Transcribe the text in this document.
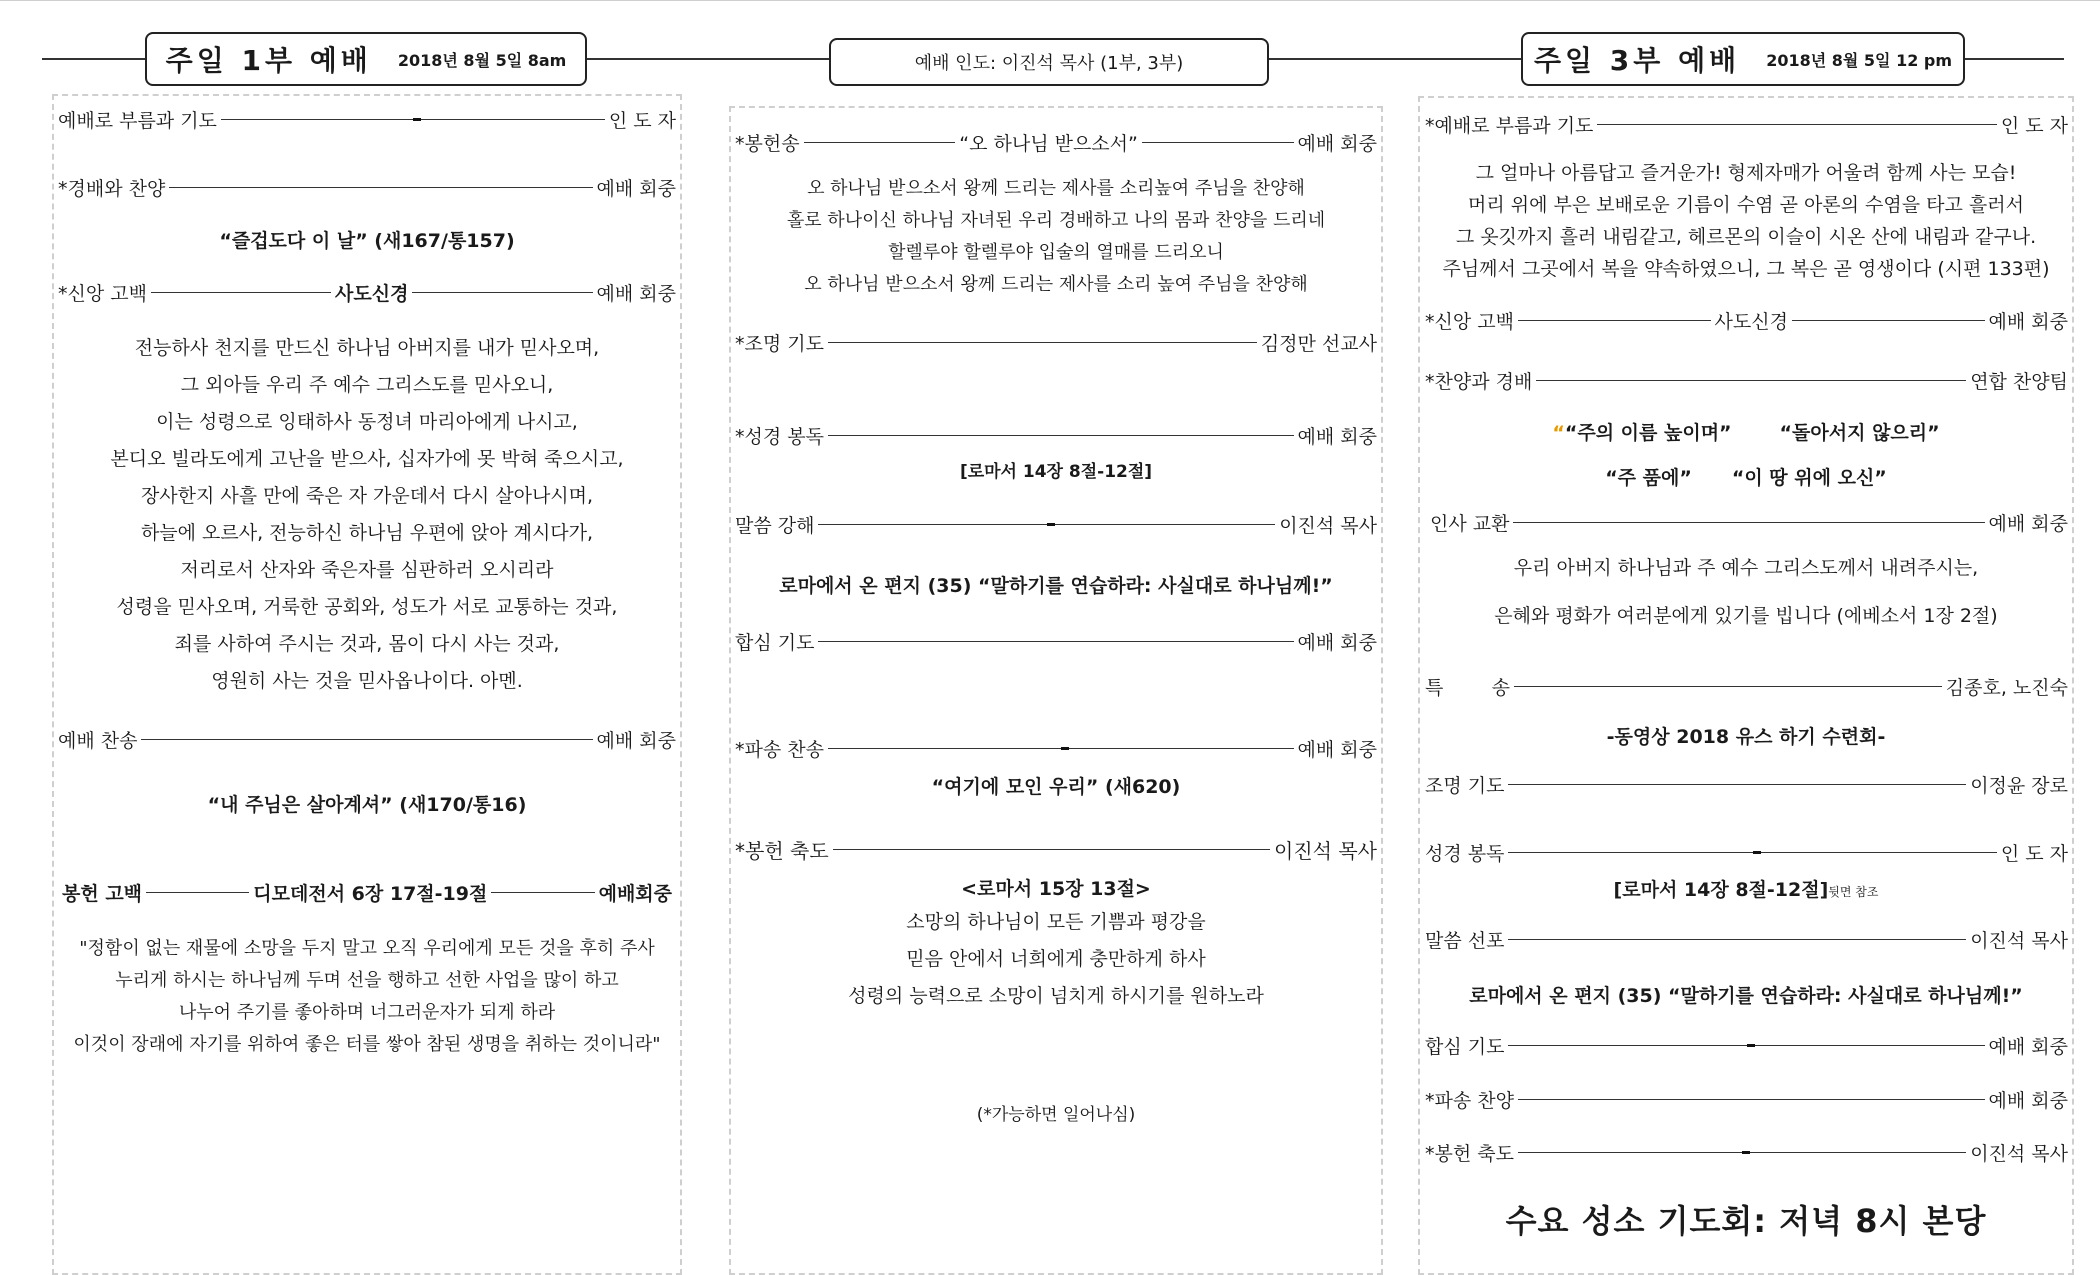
주일 1부 예배 2018년 8월 5일 8am	예배 인도: 이진석 목사 (1부, 3부)	주일 3부 예배 2018년 8월 5일 12 pm
예배로 부름과 기도	인 도 자
*경배와 찬양	예배 회중
“즐겁도다 이 날” (새167/통157)
*신앙 고백	사도신경	예배 회중
전능하사 천지를 만드신 하나님 아버지를 내가 믿사오며,
그 외아들 우리 주 예수 그리스도를 믿사오니,
이는 성령으로 잉태하사 동정녀 마리아에게 나시고,
본디오 빌라도에게 고난을 받으사, 십자가에 못 박혀 죽으시고,
장사한지 사흘 만에 죽은 자 가운데서 다시 살아나시며,
하늘에 오르사, 전능하신 하나님 우편에 앉아 계시다가,
저리로서 산자와 죽은자를 심판하러 오시리라
성령을 믿사오며, 거룩한 공회와, 성도가 서로 교통하는 것과,
죄를 사하여 주시는 것과, 몸이 다시 사는 것과,
영원히 사는 것을 믿사옵나이다. 아멘.
예배 찬송	예배 회중
“내 주님은 살아계셔” (새170/통16)
봉헌 고백	디모데전서 6장 17절-19절	예배회중
"정함이 없는 재물에 소망을 두지 말고 오직 우리에게 모든 것을 후히 주사
누리게 하시는 하나님께 두며 선을 행하고 선한 사업을 많이 하고
나누어 주기를 좋아하며 너그러운자가 되게 하라
이것이 장래에 자기를 위하여 좋은 터를 쌓아 참된 생명을 취하는 것이니라"
*봉헌송	“오 하나님 받으소서”	예배 회중
오 하나님 받으소서 왕께 드리는 제사를 소리높여 주님을 찬양해
홀로 하나이신 하나님 자녀된 우리 경배하고 나의 몸과 찬양을 드리네
할렐루야 할렐루야 입술의 열매를 드리오니
오 하나님 받으소서 왕께 드리는 제사를 소리 높여 주님을 찬양해
*조명 기도	김정만 선교사
*성경 봉독	예배 회중
[로마서 14장 8절-12절]
말씀 강해	이진석 목사
로마에서 온 편지 (35) “말하기를 연습하라: 사실대로 하나님께!”
합심 기도	예배 회중
*파송 찬송	예배 회중
“여기에 모인 우리” (새620)
*봉헌 축도	이진석 목사
<로마서 15장 13절>
소망의 하나님이 모든 기쁨과 평강을
믿음 안에서 너희에게 충만하게 하사
성령의 능력으로 소망이 넘치게 하시기를 원하노라
(*가능하면 일어나심)
*예배로 부름과 기도	인 도 자
그 얼마나 아름답고 즐거운가! 형제자매가 어울려 함께 사는 모습!
머리 위에 부은 보배로운 기름이 수염 곧 아론의 수염을 타고 흘러서
그 옷깃까지 흘러 내림같고, 헤르몬의 이슬이 시온 산에 내림과 같구나.
주님께서 그곳에서 복을 약속하였으니, 그 복은 곧 영생이다 (시편 133편)
*신앙 고백	사도신경	예배 회중
*찬양과 경배	연합 찬양팀
““주의 이름 높이며”	“돌아서지 않으리”
“주 품에” “이 땅 위에 오신”
인사 교환	예배 회중
우리 아버지 하나님과 주 예수 그리스도께서 내려주시는,
은혜와 평화가 여러분에게 있기를 빕니다 (에베소서 1장 2절)
특        송	김종호, 노진숙
-동영상 2018 유스 하기 수련회-
조명 기도	이정윤 장로
성경 봉독	인 도 자
[로마서 14장 8절-12절]뒷면 참조
말씀 선포	이진석 목사
로마에서 온 편지 (35) “말하기를 연습하라: 사실대로 하나님께!”
합심 기도	예배 회중
*파송 찬양	예배 회중
*봉헌 축도	이진석 목사
수요 성소 기도회: 저녁 8시 본당
